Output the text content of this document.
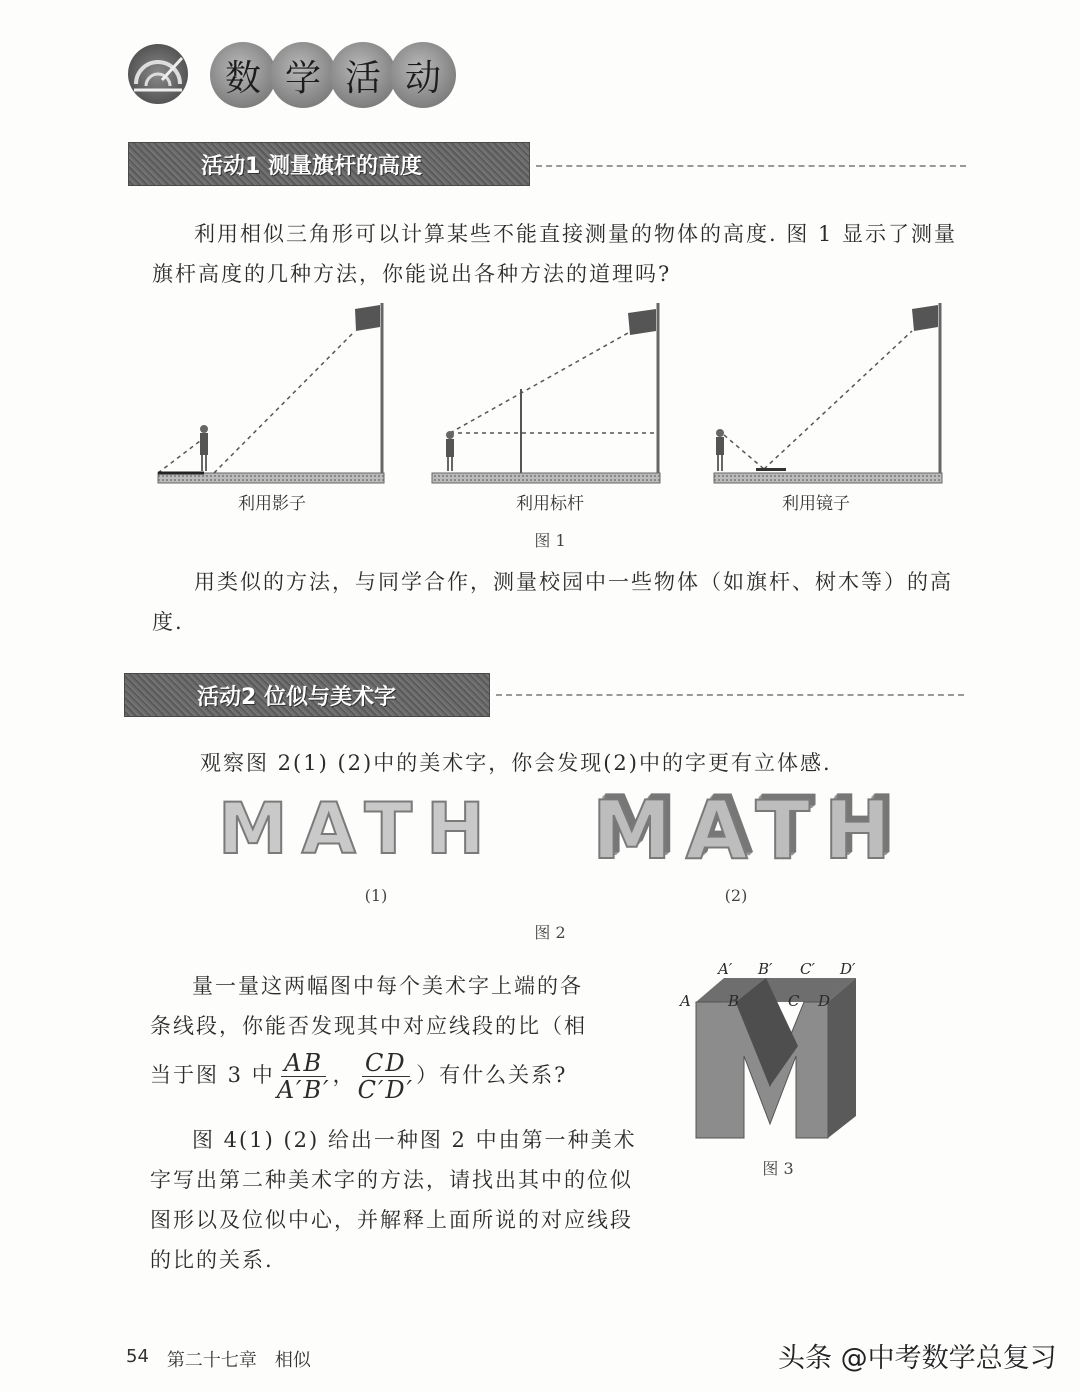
数 学 活 动
活动1 测量旗杆的高度
利用相似三角形可以计算某些不能直接测量的物体的高度. 图 1 显示了测量旗杆高度的几种方法，你能说出各种方法的道理吗?
利用影子	利用标杆	利用镜子
图 1
用类似的方法，与同学合作，测量校园中一些物体（如旗杆、树木等）的高度.
活动2 位似与美术字
观察图 2(1) (2)中的美术字，你会发现(2)中的字更有立体感.
MATH MATH
(1)	(2)
图 2
量一量这两幅图中每个美术字上端的各
条线段，你能否发现其中对应线段的比（相
当于图 3 中 $\frac{AB}{A'B'}$ ， $\frac{CD}{C'D'}$ ）有什么关系?
图 4(1) (2) 给出一种图 2 中由第一种美术字写出第二种美术字的方法，请找出其中的位似图形以及位似中心，并解释上面所说的对应线段的比的关系.
A′ B′ C′ D′
A B	C D
图 3
54 第二十七章 相似	头条 @中考数学总复习
